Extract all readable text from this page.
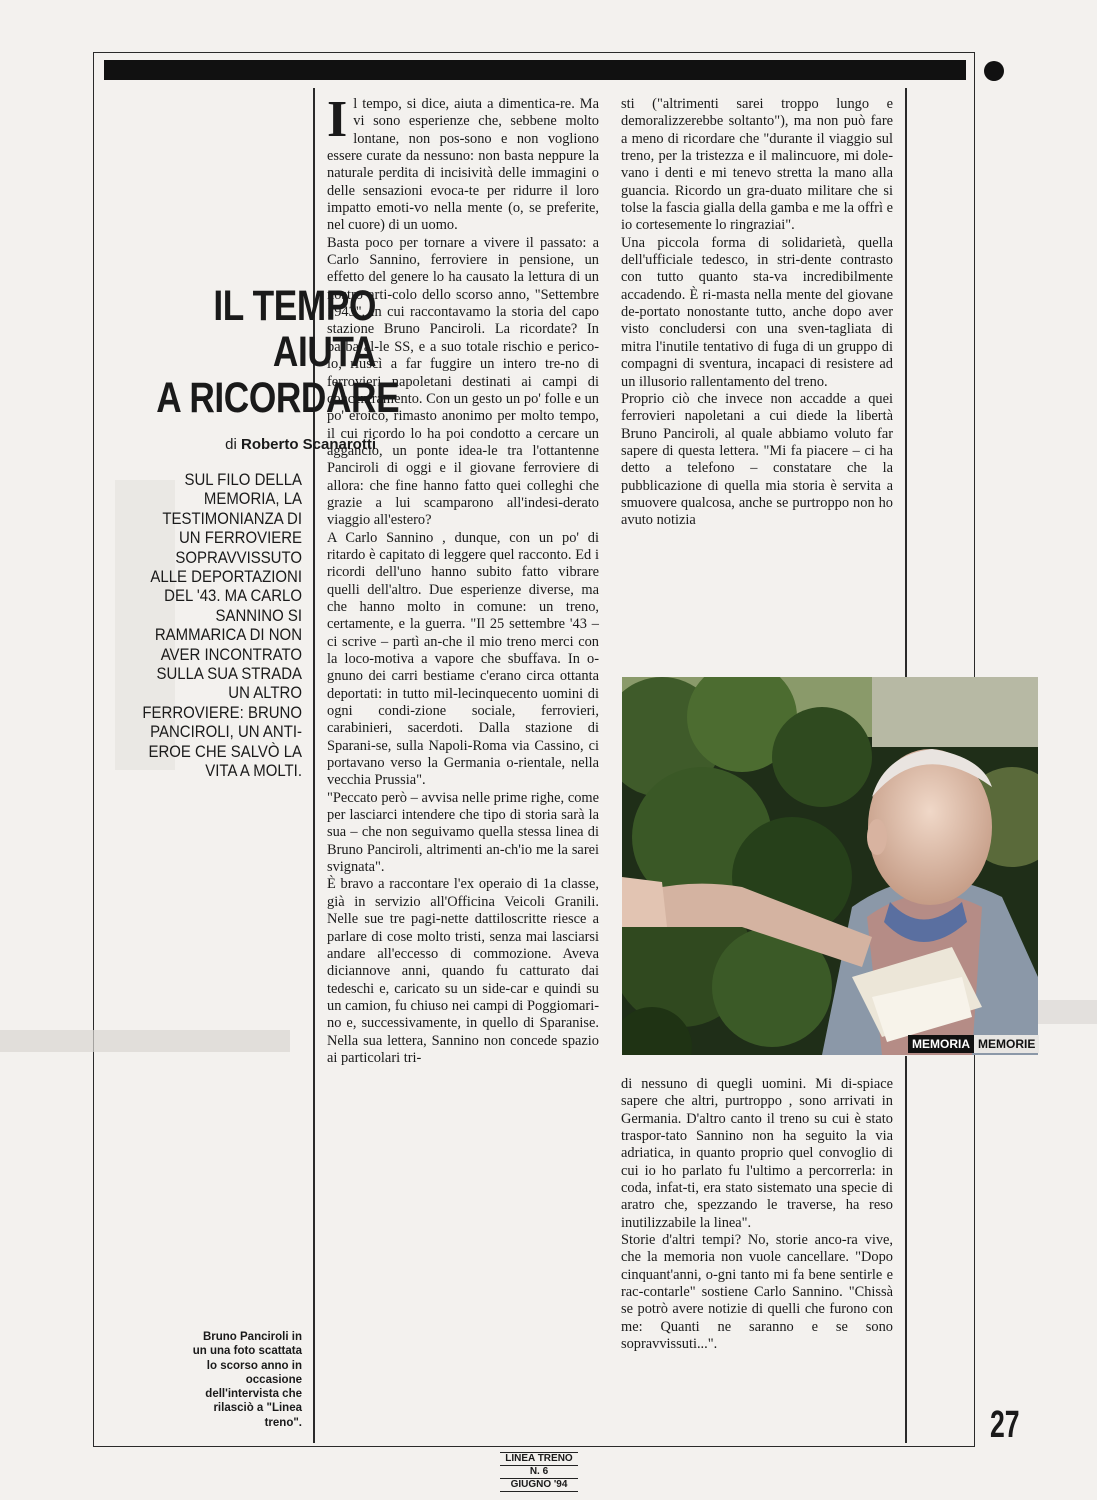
IL TEMPO
AIUTA
A RICORDARE
di Roberto Scanarotti
SUL FILO DELLA MEMORIA, LA TESTIMONIANZA DI UN FERROVIERE SOPRAVVISSUTO ALLE DEPORTAZIONI DEL '43. MA CARLO SANNINO SI RAMMARICA DI NON AVER INCONTRATO SULLA SUA STRADA UN ALTRO FERROVIERE: BRUNO PANCIROLI, UN ANTI-EROE CHE SALVÒ LA VITA A MOLTI.
Bruno Panciroli in un una foto scattata lo scorso anno in occasione dell'intervista che rilasciò a "Linea treno".

Il tempo, si dice, aiuta a dimentica-re. Ma vi sono esperienze che, sebbene molto lontane, non pos-sono e non vogliono essere curate da nessuno: non basta neppure la naturale perdita di incisività delle immagini o delle sensazioni evoca-te per ridurre il loro impatto emoti-vo nella mente (o, se preferite, nel cuore) di un uomo.

Basta poco per tornare a vivere il passato: a Carlo Sannino, ferroviere in pensione, un effetto del genere lo ha causato la lettura di un nostro arti-colo dello scorso anno, "Settembre 1943", in cui raccontavamo la storia del capo stazione Bruno Panciroli. La ricordate? In barba al-le SS, e a suo totale rischio e perico-lo, riuscì a far fuggire un intero tre-no di ferrovieri napoletani destinati ai campi di concentramento. Con un gesto un po' folle e un po' eroico, rimasto anonimo per molto tempo, il cui ricordo lo ha poi condotto a cercare un aggancio, un ponte idea-le tra l'ottantenne Panciroli di oggi e il giovane ferroviere di allora: che fine hanno fatto quei colleghi che grazie a lui scamparono all'indesi-derato viaggio all'estero?

A Carlo Sannino , dunque, con un po' di ritardo è capitato di leggere quel racconto. Ed i ricordi dell'uno hanno subito fatto vibrare quelli dell'altro. Due esperienze diverse, ma che hanno molto in comune: un treno, certamente, e la guerra. "Il 25 settembre '43 – ci scrive – partì an-che il mio treno merci con la loco-motiva a vapore che sbuffava. In o-gnuno dei carri bestiame c'erano circa ottanta deportati: in tutto mil-lecinquecento uomini di ogni condi-zione sociale, ferrovieri, carabinieri, sacerdoti. Dalla stazione di Sparani-se, sulla Napoli-Roma via Cassino, ci portavano verso la Germania o-rientale, nella vecchia Prussia".

"Peccato però – avvisa nelle prime righe, come per lasciarci intendere che tipo di storia sarà la sua – che non seguivamo quella stessa linea di Bruno Panciroli, altrimenti an-ch'io me la sarei svignata".

È bravo a raccontare l'ex operaio di 1a classe, già in servizio all'Officina Veicoli Granili. Nelle sue tre pagi-nette dattiloscritte riesce a parlare di cose molto tristi, senza mai lasciarsi andare all'eccesso di commozione. Aveva diciannove anni, quando fu catturato dai tedeschi e, caricato su un side-car e quindi su un camion, fu chiuso nei campi di Poggiomari-no e, successivamente, in quello di Sparanise. Nella sua lettera, Sannino non concede spazio ai particolari tri-

sti ("altrimenti sarei troppo lungo e demoralizzerebbe soltanto"), ma non può fare a meno di ricordare che "durante il viaggio sul treno, per la tristezza e il malincuore, mi dole-vano i denti e mi tenevo stretta la mano alla guancia. Ricordo un gra-duato militare che si tolse la fascia gialla della gamba e me la offrì e io cortesemente lo ringraziai".

Una piccola forma di solidarietà, quella dell'ufficiale tedesco, in stri-dente contrasto con tutto quanto sta-va incredibilmente accadendo. È ri-masta nella mente del giovane de-portato nonostante tutto, anche dopo aver visto concludersi con una sven-tagliata di mitra l'inutile tentativo di fuga di un gruppo di compagni di sventura, incapaci di resistere ad un illusorio rallentamento del treno.

Proprio ciò che invece non accadde a quei ferrovieri napoletani a cui diede la libertà Bruno Panciroli, al quale abbiamo voluto far sapere di questa lettera. "Mi fa piacere – ci ha detto a telefono – constatare che la pubblicazione di quella mia storia è servita a smuovere qualcosa, anche se purtroppo non ho avuto notizia

MEMORIA MEMORIE

di nessuno di quegli uomini. Mi di-spiace sapere che altri, purtroppo , sono arrivati in Germania. D'altro canto il treno su cui è stato traspor-tato Sannino non ha seguito la via adriatica, in quanto proprio quel convoglio di cui io ho parlato fu l'ultimo a percorrerla: in coda, infat-ti, era stato sistemato una specie di aratro che, spezzando le traverse, ha reso inutilizzabile la linea".

Storie d'altri tempi? No, storie anco-ra vive, che la memoria non vuole cancellare. "Dopo cinquant'anni, o-gni tanto mi fa bene sentirle e rac-contarle" sostiene Carlo Sannino. "Chissà se potrò avere notizie di quelli che furono con me: Quanti ne saranno e se sono sopravvissuti...".

27
LINEA TRENO
N. 6
GIUGNO '94
